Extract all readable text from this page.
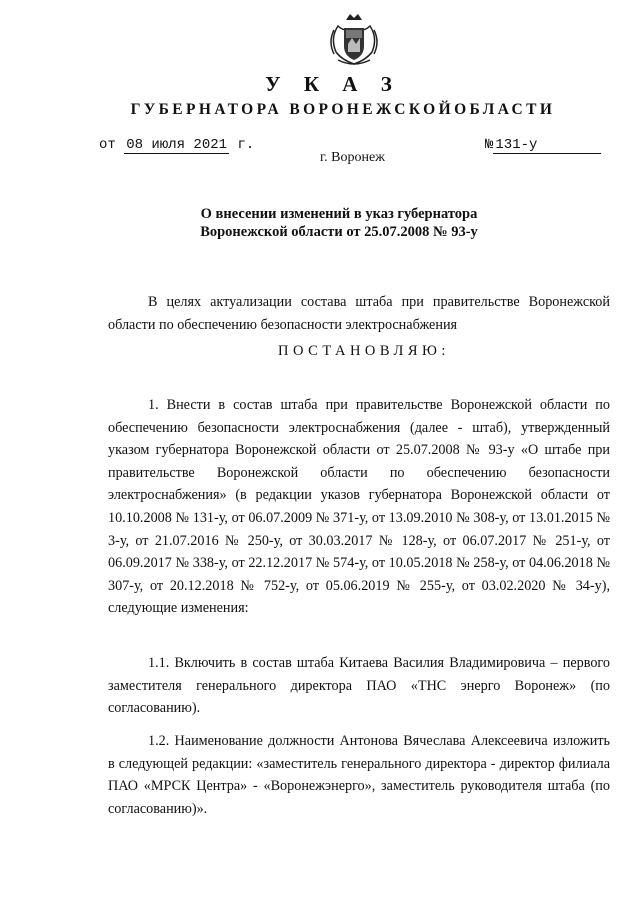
У К А З
ГУБЕРНАТОРА ВОРОНЕЖСКОЙОБЛАСТИ
от 08 июля 2021 г.	№ 131-у
г. Воронеж
О внесении изменений в указ губернатора
Воронежской области от 25.07.2008 № 93-у

В целях актуализации состава штаба при правительстве Воронежской области по обеспечению безопасности электроснабжения

ПОСТАНОВЛЯЮ:

1. Внести в состав штаба при правительстве Воронежской области по обеспечению безопасности электроснабжения (далее - штаб), утвержденный указом губернатора Воронежской области от 25.07.2008 № 93-у «О штабе при правительстве Воронежской области по обеспечению безопасности электроснабжения» (в редакции указов губернатора Воронежской области от 10.10.2008 № 131-у, от 06.07.2009 № 371-у, от 13.09.2010 № 308-у, от 13.01.2015 № 3-у, от 21.07.2016 № 250-у, от 30.03.2017 № 128-у, от 06.07.2017 № 251-у, от 06.09.2017 № 338-у, от 22.12.2017 № 574-у, от 10.05.2018 № 258-у, от 04.06.2018 № 307-у, от 20.12.2018 № 752-у, от 05.06.2019 № 255-у, от 03.02.2020 № 34-у), следующие изменения:

1.1. Включить в состав штаба Китаева Василия Владимировича – первого заместителя генерального директора ПАО «ТНС энерго Воронеж» (по согласованию).

1.2. Наименование должности Антонова Вячеслава Алексеевича изложить в следующей редакции: «заместитель генерального директора - директор филиала ПАО «МРСК Центра» - «Воронежэнерго», заместитель руководителя штаба (по согласованию)».
